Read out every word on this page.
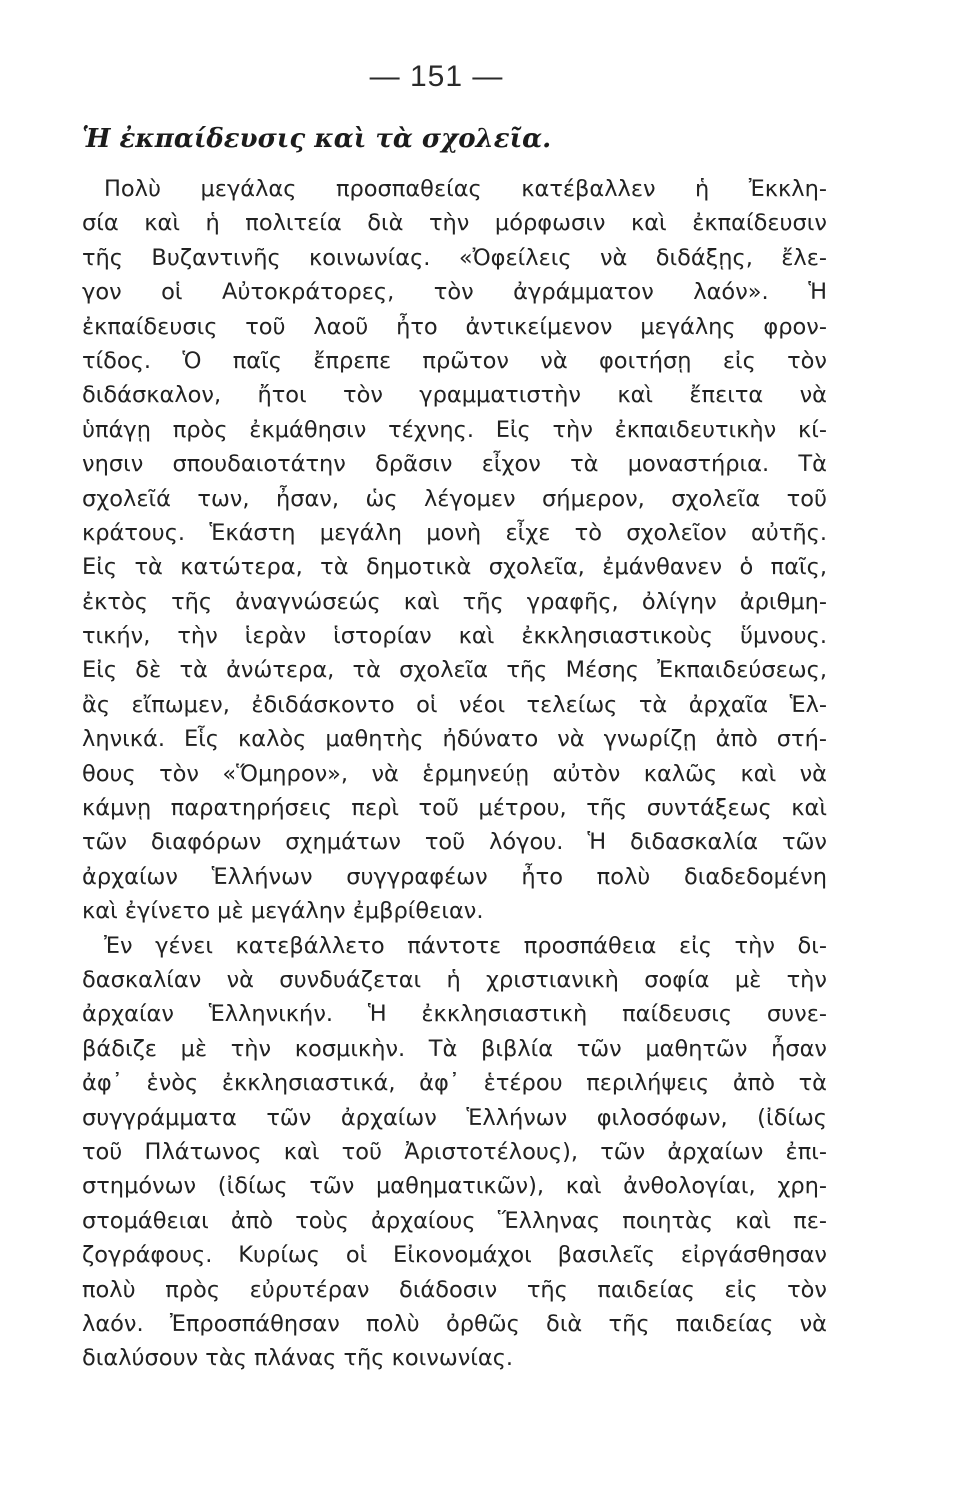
— 151 —
Ἡ ἐκπαίδευσις καὶ τὰ σχολεῖα.
Πολὺ μεγάλας προσπαθείας κατέβαλλεν ἡ Ἐκκλη-
σία καὶ ἡ πολιτεία διὰ τὴν μόρφωσιν καὶ ἐκπαίδευσιν
τῆς Βυζαντινῆς κοινωνίας. «Ὀφείλεις νὰ διδάξῃς, ἔλε-
γον οἱ Αὐτοκράτορες, τὸν ἀγράμματον λαόν». Ἡ
ἐκπαίδευσις τοῦ λαοῦ ἦτο ἀντικείμενον μεγάλης φρον-
τίδος. Ὁ παῖς ἔπρεπε πρῶτον νὰ φοιτήσῃ εἰς τὸν
διδάσκαλον, ἤτοι τὸν γραμματιστὴν καὶ ἔπειτα νὰ
ὑπάγῃ πρὸς ἐκμάθησιν τέχνης. Εἰς τὴν ἐκπαιδευτικὴν κί-
νησιν σπουδαιοτάτην δρᾶσιν εἶχον τὰ μοναστήρια. Τὰ
σχολεῖά των, ἦσαν, ὡς λέγομεν σήμερον, σχολεῖα τοῦ
κράτους. Ἑκάστη μεγάλη μονὴ εἶχε τὸ σχολεῖον αὐτῆς.
Εἰς τὰ κατώτερα, τὰ δημοτικὰ σχολεῖα, ἐμάνθανεν ὁ παῖς,
ἐκτὸς τῆς ἀναγνώσεώς καὶ τῆς γραφῆς, ὀλίγην ἀριθμη-
τικήν, τὴν ἱερὰν ἱστορίαν καὶ ἐκκλησιαστικοὺς ὕμνους.
Εἰς δὲ τὰ ἀνώτερα, τὰ σχολεῖα τῆς Μέσης Ἐκπαιδεύσεως,
ἂς εἴπωμεν, ἐδιδάσκοντο οἱ νέοι τελείως τὰ ἀρχαῖα Ἑλ-
ληνικά. Εἷς καλὸς μαθητὴς ἠδύνατο νὰ γνωρίζῃ ἀπὸ στή-
θους τὸν «Ὅμηρον», νὰ ἑρμηνεύῃ αὐτὸν καλῶς καὶ νὰ
κάμνῃ παρατηρήσεις περὶ τοῦ μέτρου, τῆς συντάξεως καὶ
τῶν διαφόρων σχημάτων τοῦ λόγου. Ἡ διδασκαλία τῶν
ἀρχαίων Ἑλλήνων συγγραφέων ἦτο πολὺ διαδεδομένη
καὶ ἐγίνετο μὲ μεγάλην ἐμβρίθειαν.
Ἐν γένει κατεβάλλετο πάντοτε προσπάθεια εἰς τὴν δι-
δασκαλίαν νὰ συνδυάζεται ἡ χριστιανικὴ σοφία μὲ τὴν
ἀρχαίαν Ἑλληνικήν. Ἡ ἐκκλησιαστικὴ παίδευσις συνε-
βάδιζε μὲ τὴν κοσμικὴν. Τὰ βιβλία τῶν μαθητῶν ἦσαν
ἀφ᾽ ἑνὸς ἐκκλησιαστικά, ἀφ᾽ ἑτέρου περιλήψεις ἀπὸ τὰ
συγγράμματα τῶν ἀρχαίων Ἑλλήνων φιλοσόφων, (ἰδίως
τοῦ Πλάτωνος καὶ τοῦ Ἀριστοτέλους), τῶν ἀρχαίων ἐπι-
στημόνων (ἰδίως τῶν μαθηματικῶν), καὶ ἀνθολογίαι, χρη-
στομάθειαι ἀπὸ τοὺς ἀρχαίους Ἕλληνας ποιητὰς καὶ πε-
ζογράφους. Κυρίως οἱ Εἰκονομάχοι βασιλεῖς εἰργάσθησαν
πολὺ πρὸς εὐρυτέραν διάδοσιν τῆς παιδείας εἰς τὸν
λαόν. Ἐπροσπάθησαν πολὺ ὀρθῶς διὰ τῆς παιδείας νὰ
διαλύσουν τὰς πλάνας τῆς κοινωνίας.
